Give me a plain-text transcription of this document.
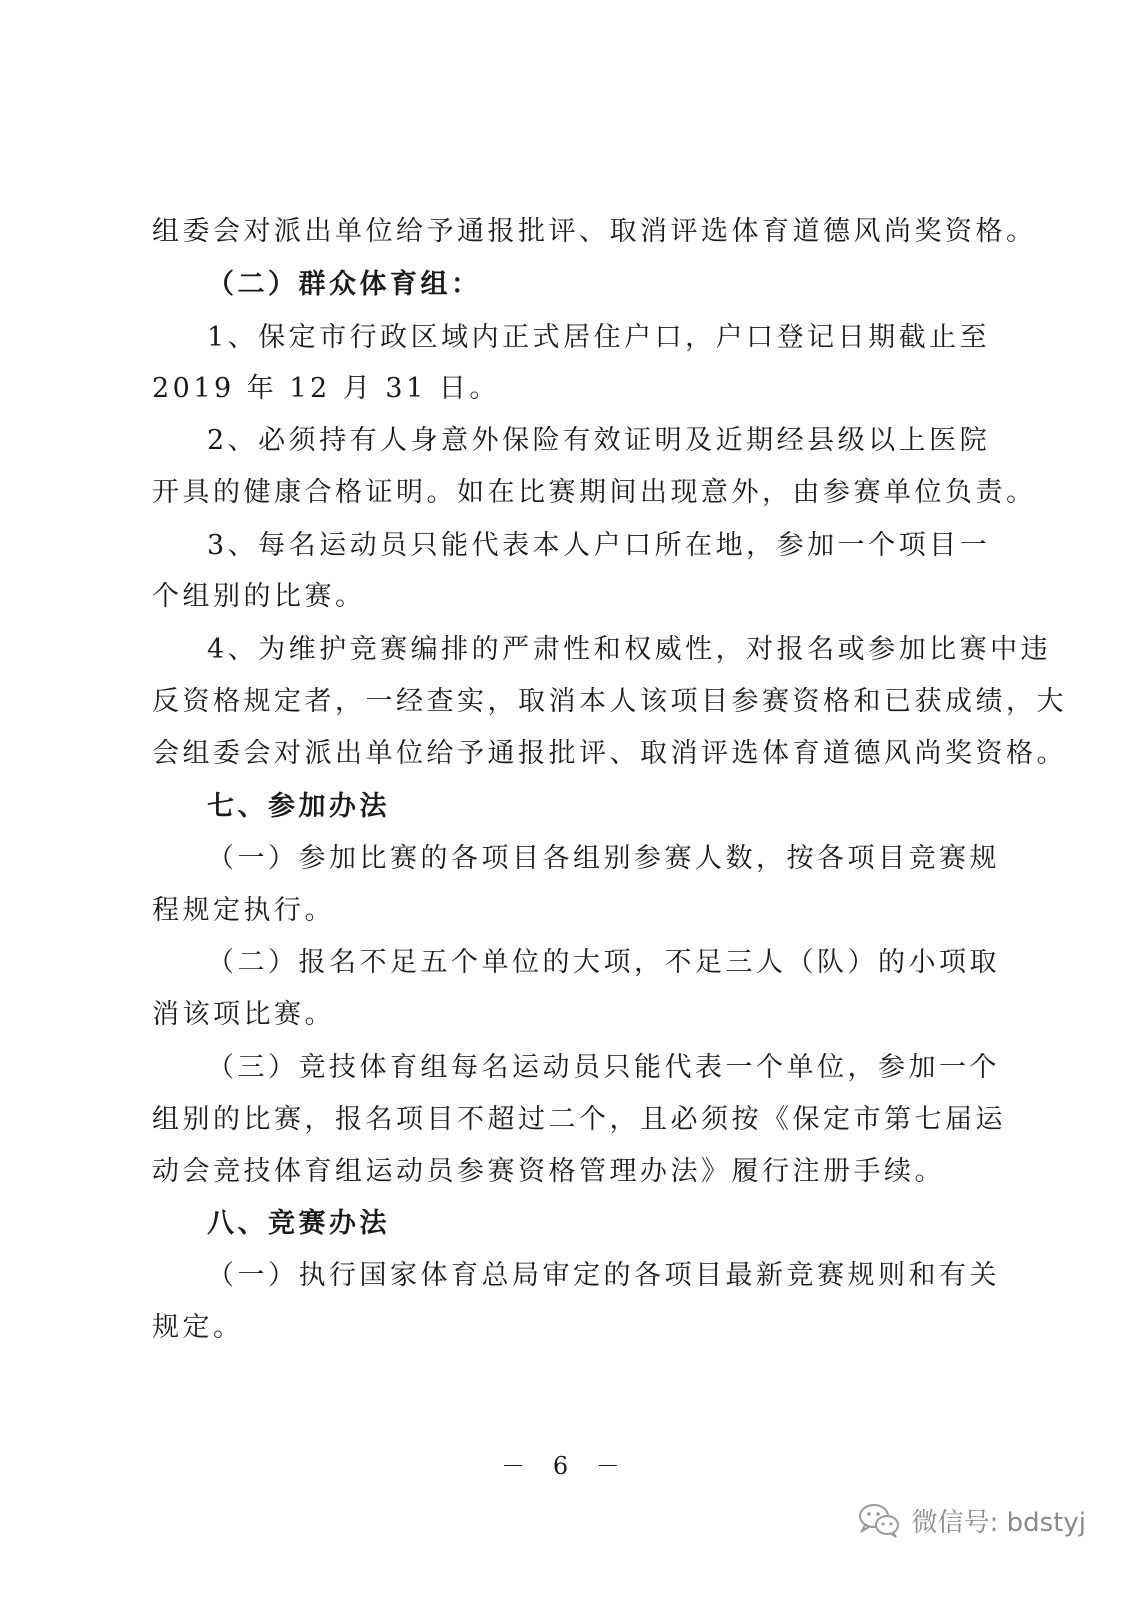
组委会对派出单位给予通报批评、取消评选体育道德风尚奖资格。
（二）群众体育组：
1、保定市行政区域内正式居住户口，户口登记日期截止至
2019 年 12 月 31 日。
2、必须持有人身意外保险有效证明及近期经县级以上医院
开具的健康合格证明。如在比赛期间出现意外，由参赛单位负责。
3、每名运动员只能代表本人户口所在地，参加一个项目一
个组别的比赛。
4、为维护竞赛编排的严肃性和权威性，对报名或参加比赛中违
反资格规定者，一经查实，取消本人该项目参赛资格和已获成绩，大
会组委会对派出单位给予通报批评、取消评选体育道德风尚奖资格。
七、参加办法
（一）参加比赛的各项目各组别参赛人数，按各项目竞赛规
程规定执行。
（二）报名不足五个单位的大项，不足三人（队）的小项取
消该项比赛。
（三）竞技体育组每名运动员只能代表一个单位，参加一个
组别的比赛，报名项目不超过二个，且必须按《保定市第七届运
动会竞技体育组运动员参赛资格管理办法》履行注册手续。
八、竞赛办法
（一）执行国家体育总局审定的各项目最新竞赛规则和有关
规定。
－ 6 －
微信号: bdstyj
